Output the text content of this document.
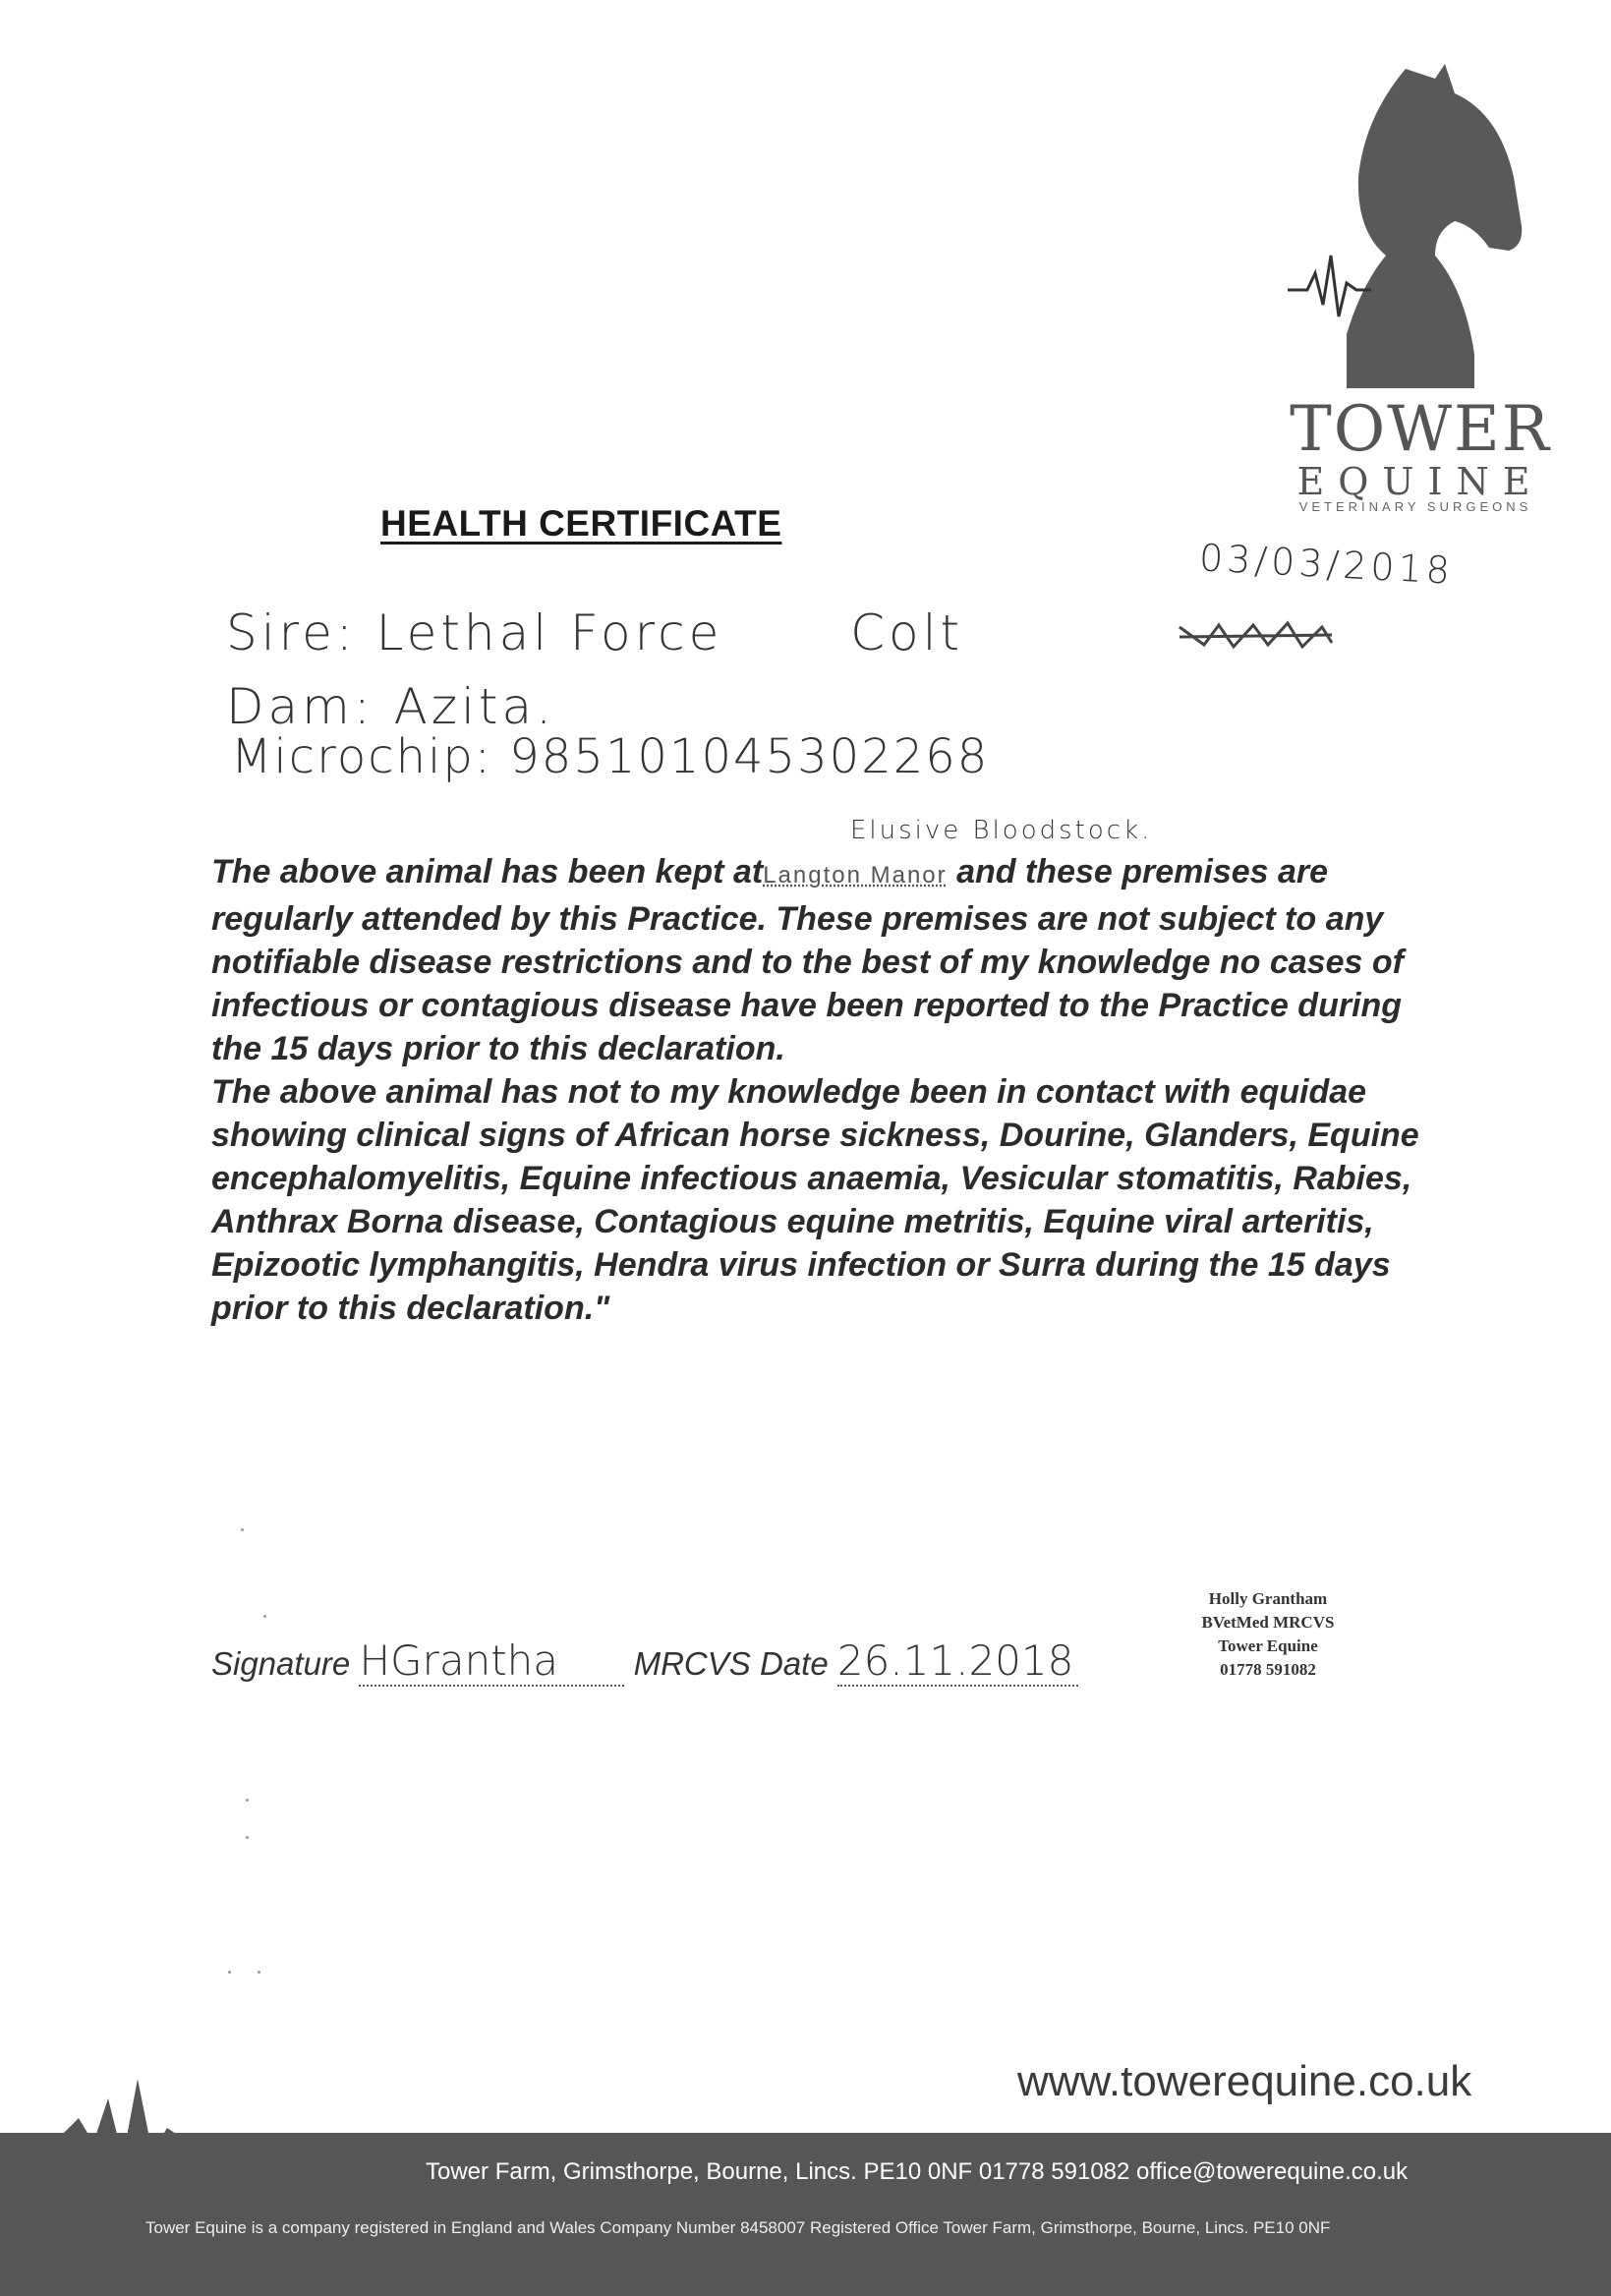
TOWER
EQUINE
VETERINARY SURGEONS
HEALTH CERTIFICATE
03/03/2018
Sire: Lethal Force	Colt
Dam: Azita.
Microchip: 985101045302268
Elusive Bloodstock.

The above animal has been kept atLangton Manor and these premises are regularly attended by this Practice. These premises are not subject to any notifiable disease restrictions and to the best of my knowledge no cases of infectious or contagious disease have been reported to the Practice during the 15 days prior to this declaration.

The above animal has not to my knowledge been in contact with equidae showing clinical signs of African horse sickness, Dourine, Glanders, Equine encephalomyelitis, Equine infectious anaemia, Vesicular stomatitis, Rabies, Anthrax Borna disease, Contagious equine metritis, Equine viral arteritis, Epizootic lymphangitis, Hendra virus infection or Surra during the 15 days prior to this declaration."

Signature HGrantha MRCVS Date 26.11.2018
Holly Grantham
BVetMed MRCVS
Tower Equine
01778 591082
www.towerequine.co.uk
Tower Farm, Grimsthorpe, Bourne, Lincs. PE10 0NF 01778 591082 office@towerequine.co.uk
Tower Equine is a company registered in England and Wales Company Number 8458007 Registered Office Tower Farm, Grimsthorpe, Bourne, Lincs. PE10 0NF
